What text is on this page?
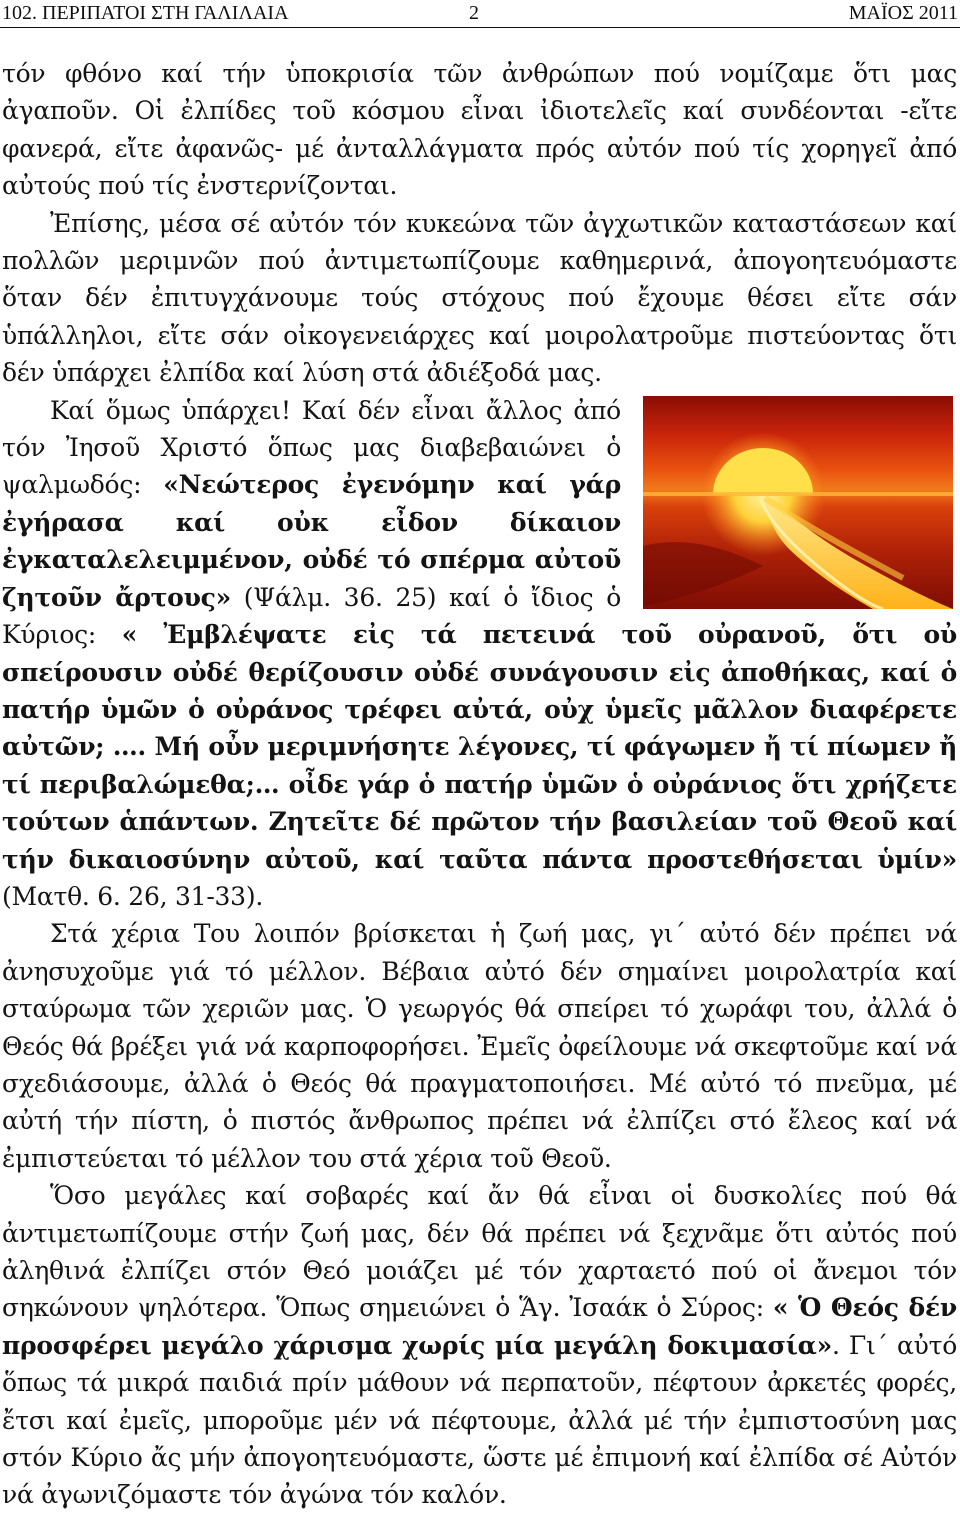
102. ΠΕΡΙΠΑΤΟΙ ΣΤΗ ΓΑΛΙΛΑΙΑ	2	ΜΑΪΟΣ 2011

τόν φθόνο καί τήν ὑποκρισία τῶν ἀνθρώπων πού νομίζαμε ὅτι μας ἀγαποῦν. Οἱ ἐλπίδες τοῦ κόσμου εἶναι ἰδιοτελεῖς καί συνδέονται -εἴτε φανερά, εἴτε ἀφανῶς- μέ ἀνταλλάγματα πρός αὐτόν πού τίς χορηγεῖ ἀπό αὐτούς πού τίς ἐνστερνίζονται.

Ἐπίσης, μέσα σέ αὐτόν τόν κυκεώνα τῶν ἀγχωτικῶν καταστάσεων καί πολλῶν μεριμνῶν πού ἀντιμετωπίζουμε καθημερινά, ἀπογοητευόμαστε ὅταν δέν ἐπιτυγχάνουμε τούς στόχους πού ἔχουμε θέσει εἴτε σάν ὑπάλληλοι, εἴτε σάν οἰκογενειάρχες καί μοιρολατροῦμε πιστεύοντας ὅτι δέν ὑπάρχει ἐλπίδα καί λύση στά ἀδιέξοδά μας.

Καί ὅμως ὑπάρχει! Καί δέν εἶναι ἄλλος ἀπό τόν Ἰησοῦ Χριστό ὅπως μας διαβεβαιώνει ὁ ψαλμωδός: «Νεώτερος ἐγενόμην καί γάρ ἐγήρασα καί οὐκ εἶδον δίκαιον ἐγκαταλελειμμένον, οὐδέ τό σπέρμα αὐτοῦ ζητοῦν ἄρτους» (Ψάλμ. 36. 25) καί ὁ ἴδιος ὁ Κύριος: « Ἐμβλέψατε εἰς τά πετεινά τοῦ οὐρανοῦ, ὅτι οὐ σπείρουσιν οὐδέ θερίζουσιν οὐδέ συνάγουσιν εἰς ἀποθήκας, καί ὁ πατήρ ὑμῶν ὁ οὐράνος τρέφει αὐτά, οὐχ ὑμεῖς μᾶλλον διαφέρετε αὐτῶν; …. Μή οὖν μεριμνήσητε λέγονες, τί φάγωμεν ἤ τί πίωμεν ἤ τί περιβαλώμεθα;… οἶδε γάρ ὁ πατήρ ὑμῶν ὁ οὐράνιος ὅτι χρήζετε τούτων ἁπάντων. Ζητεῖτε δέ πρῶτον τήν βασιλείαν τοῦ Θεοῦ καί τήν δικαιοσύνην αὐτοῦ, καί ταῦτα πάντα προστεθήσεται ὑμίν» (Ματθ. 6. 26, 31-33).

Στά χέρια Του λοιπόν βρίσκεται ἡ ζωή μας, γι΄ αὐτό δέν πρέπει νά ἀνησυχοῦμε γιά τό μέλλον. Βέβαια αὐτό δέν σημαίνει μοιρολατρία καί σταύρωμα τῶν χεριῶν μας. Ὁ γεωργός θά σπείρει τό χωράφι του, ἀλλά ὁ Θεός θά βρέξει γιά νά καρποφορήσει. Ἐμεῖς ὀφείλουμε νά σκεφτοῦμε καί νά σχεδιάσουμε, ἀλλά ὁ Θεός θά πραγματοποιήσει. Μέ αὐτό τό πνεῦμα, μέ αὐτή τήν πίστη, ὁ πιστός ἄνθρωπος πρέπει νά ἐλπίζει στό ἔλεος καί νά ἐμπιστεύεται τό μέλλον του στά χέρια τοῦ Θεοῦ.

Ὅσο μεγάλες καί σοβαρές καί ἄν θά εἶναι οἱ δυσκολίες πού θά ἀντιμετωπίζουμε στήν ζωή μας, δέν θά πρέπει νά ξεχνᾶμε ὅτι αὐτός πού ἀληθινά ἐλπίζει στόν Θεό μοιάζει μέ τόν χαρταετό πού οἱ ἄνεμοι τόν σηκώνουν ψηλότερα. Ὅπως σημειώνει ὁ Ἅγ. Ἰσαάκ ὁ Σύρος: « Ὁ Θεός δέν προσφέρει μεγάλο χάρισμα χωρίς μία μεγάλη δοκιμασία». Γι΄ αὐτό ὅπως τά μικρά παιδιά πρίν μάθουν νά περπατοῦν, πέφτουν ἀρκετές φορές, ἔτσι καί ἐμεῖς, μποροῦμε μέν νά πέφτουμε, ἀλλά μέ τήν ἐμπιστοσύνη μας στόν Κύριο ἄς μήν ἀπογοητευόμαστε, ὥστε μέ ἐπιμονή καί ἐλπίδα σέ Αὐτόν νά ἀγωνιζόμαστε τόν ἀγώνα τόν καλόν.
